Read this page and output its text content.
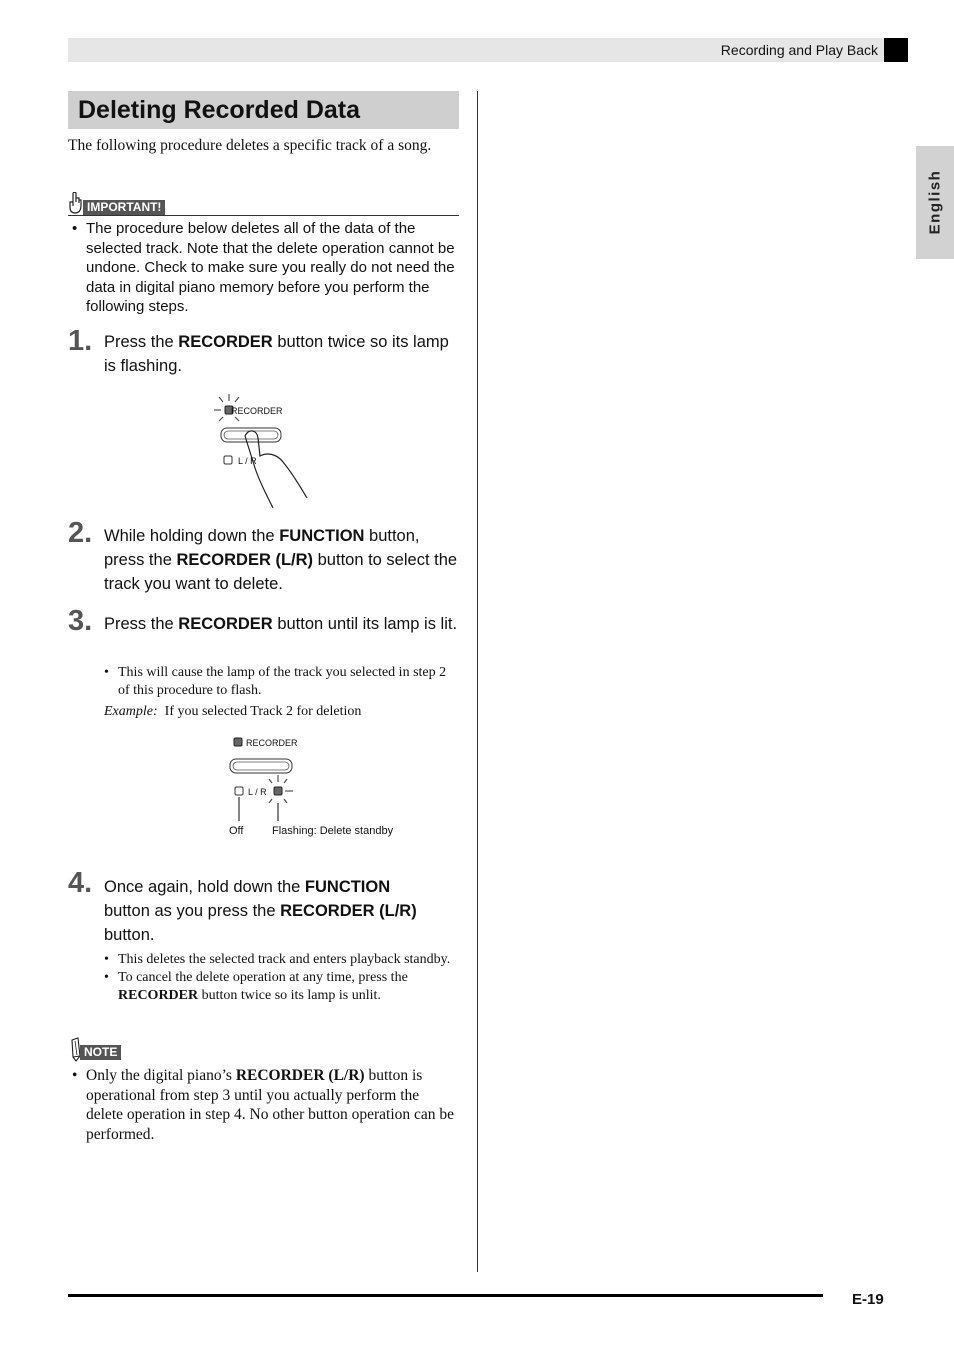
Recording and Play Back
English
Deleting Recorded Data
The following procedure deletes a specific track of a song.
IMPORTANT!
• The procedure below deletes all of the data of the selected track. Note that the delete operation cannot be undone. Check to make sure you really do not need the data in digital piano memory before you perform the following steps.
1. Press the RECORDER button twice so its lamp is flashing.
RECORDER
L / R
2. While holding down the FUNCTION button, press the RECORDER (L/R) button to select the track you want to delete.
3. Press the RECORDER button until its lamp is lit.
• This will cause the lamp of the track you selected in step 2 of this procedure to flash.
Example: If you selected Track 2 for deletion
RECORDER
L / R
Off	Flashing: Delete standby
4. Once again, hold down the FUNCTION
button as you press the RECORDER (L/R)
button.
• This deletes the selected track and enters playback standby.
• To cancel the delete operation at any time, press the RECORDER button twice so its lamp is unlit.
NOTE
• Only the digital piano’s RECORDER (L/R) button is operational from step 3 until you actually perform the delete operation in step 4. No other button operation can be performed.
E-19
